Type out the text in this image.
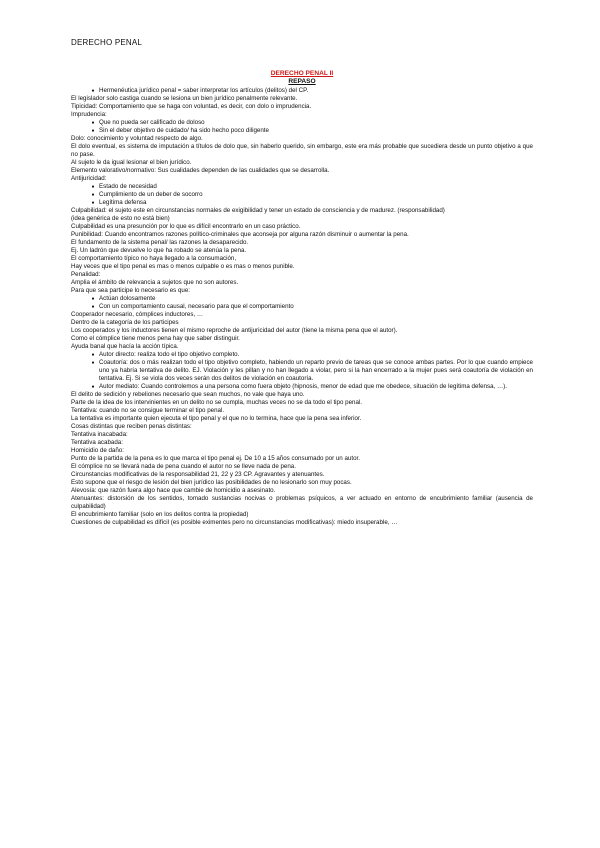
DERECHO PENAL
DERECHO PENAL II
REPASO
● Hermenéutica jurídico penal = saber interpretar los artículos (delitos) del CP.
El legislador solo castiga cuando se lesiona un bien jurídico penalmente relevante.
Tipicidad: Comportamiento que se haga con voluntad, es decir, con dolo o imprudencia.
Imprudencia:
● Que no pueda ser calificado de doloso
● Sin el deber objetivo de cuidado/ ha sido hecho poco diligente
Dolo: conocimiento y voluntad respecto de algo.
El dolo eventual, es sistema de imputación a títulos de dolo que, sin haberlo querido, sin embargo, este era más probable que sucediera desde un punto objetivo a que no pase.
Al sujeto le da igual lesionar el bien jurídico.
Elemento valorativo/normativo: Sus cualidades dependen de las cualidades que se desarrolla.
Antijuricidad:
● Estado de necesidad
● Cumplimiento de un deber de socorro
● Legítima defensa
Culpabilidad: el sujeto este en circunstancias normales de exigibilidad y tener un estado de consciencia y de madurez. (responsabilidad)
(idea genérica de esto no está bien)
Culpabilidad es una presunción por lo que es difícil encontrarlo en un caso práctico.
Punibilidad: Cuando encontramos razones político-criminales que aconseja por alguna razón disminuir o aumentar la pena.
El fundamento de la sistema penal/ las razones la desaparecido.
Ej. Un ladrón que devuelve lo que ha robado se atenúa la pena.
El comportamiento típico no haya llegado a la consumación,
Hay veces que el tipo penal es mas o menos culpable o es mas o menos punible.
Penalidad:
Amplia el ámbito de relevancia a sujetos que no son autores.
Para que sea participe lo necesario es que:
● Actúan dolosamente
● Con un comportamiento causal, necesario para que el comportamiento
Cooperador necesario, cómplices inductores, …
Dentro de la categoría de los participes
Los cooperados y los inductores tienen el mismo reproche de antijuricidad del autor (tiene la misma pena que el autor).
Como el cómplice tiene menos pena hay que saber distinguir.
Ayuda banal que hacía la acción típica.
● Autor directo: realiza todo el tipo objetivo completo.
● Coautoría: dos o más realizan todo el tipo objetivo completo, habiendo un reparto previo de tareas que se conoce ambas partes. Por lo que cuando empiece uno ya habría tentativa de delito. EJ. Violación y les pillan y no han llegado a violar, pero si la han encerrado a la mujer pues será coautoría de violación en tentativa. Ej. Si se viola dos veces serán dos delitos de violación en coautoría.
● Autor mediato: Cuando controlemos a una persona como fuera objeto (hipnosis, menor de edad que me obedece, situación de legítima defensa, …).
El delito de sedición y rebeliones necesario que sean muchos, no vale que haya uno.
Parte de la idea de los intervinientes en un delito no se cumpla, muchas veces no se da todo el tipo penal.
Tentativa: cuando no se consigue terminar el tipo penal.
La tentativa es importante quien ejecuta el tipo penal y el que no lo termina, hace que la pena sea inferior.
Cosas distintas que reciben penas distintas:
Tentativa inacabada:
Tentativa acabada:
Homicidio de daño:
Punto de la partida de la pena es lo que marca el tipo penal ej. De 10 a 15 años consumado por un autor.
El cómplice no se llevará nada de pena cuando el autor no se lleve nada de pena.
Circunstancias modificativas de la responsabilidad 21, 22 y 23 CP. Agravantes y atenuantes.
Esto supone que el riesgo de lesión del bien jurídico las posibilidades de no lesionarlo son muy pocas.
Alevosía: que razón fuera algo hace que cambie de homicidio a asesinato.
Atenuantes: distorsión de los sentidos, tomado sustancias nocivas o problemas psíquicos, a ver actuado en entorno de encubrimiento familiar (ausencia de culpabilidad)
El encubrimiento familiar (solo en los delitos contra la propiedad)
Cuestiones de culpabilidad es difícil (es posible eximentes pero no circunstancias modificativas): miedo insuperable, …
